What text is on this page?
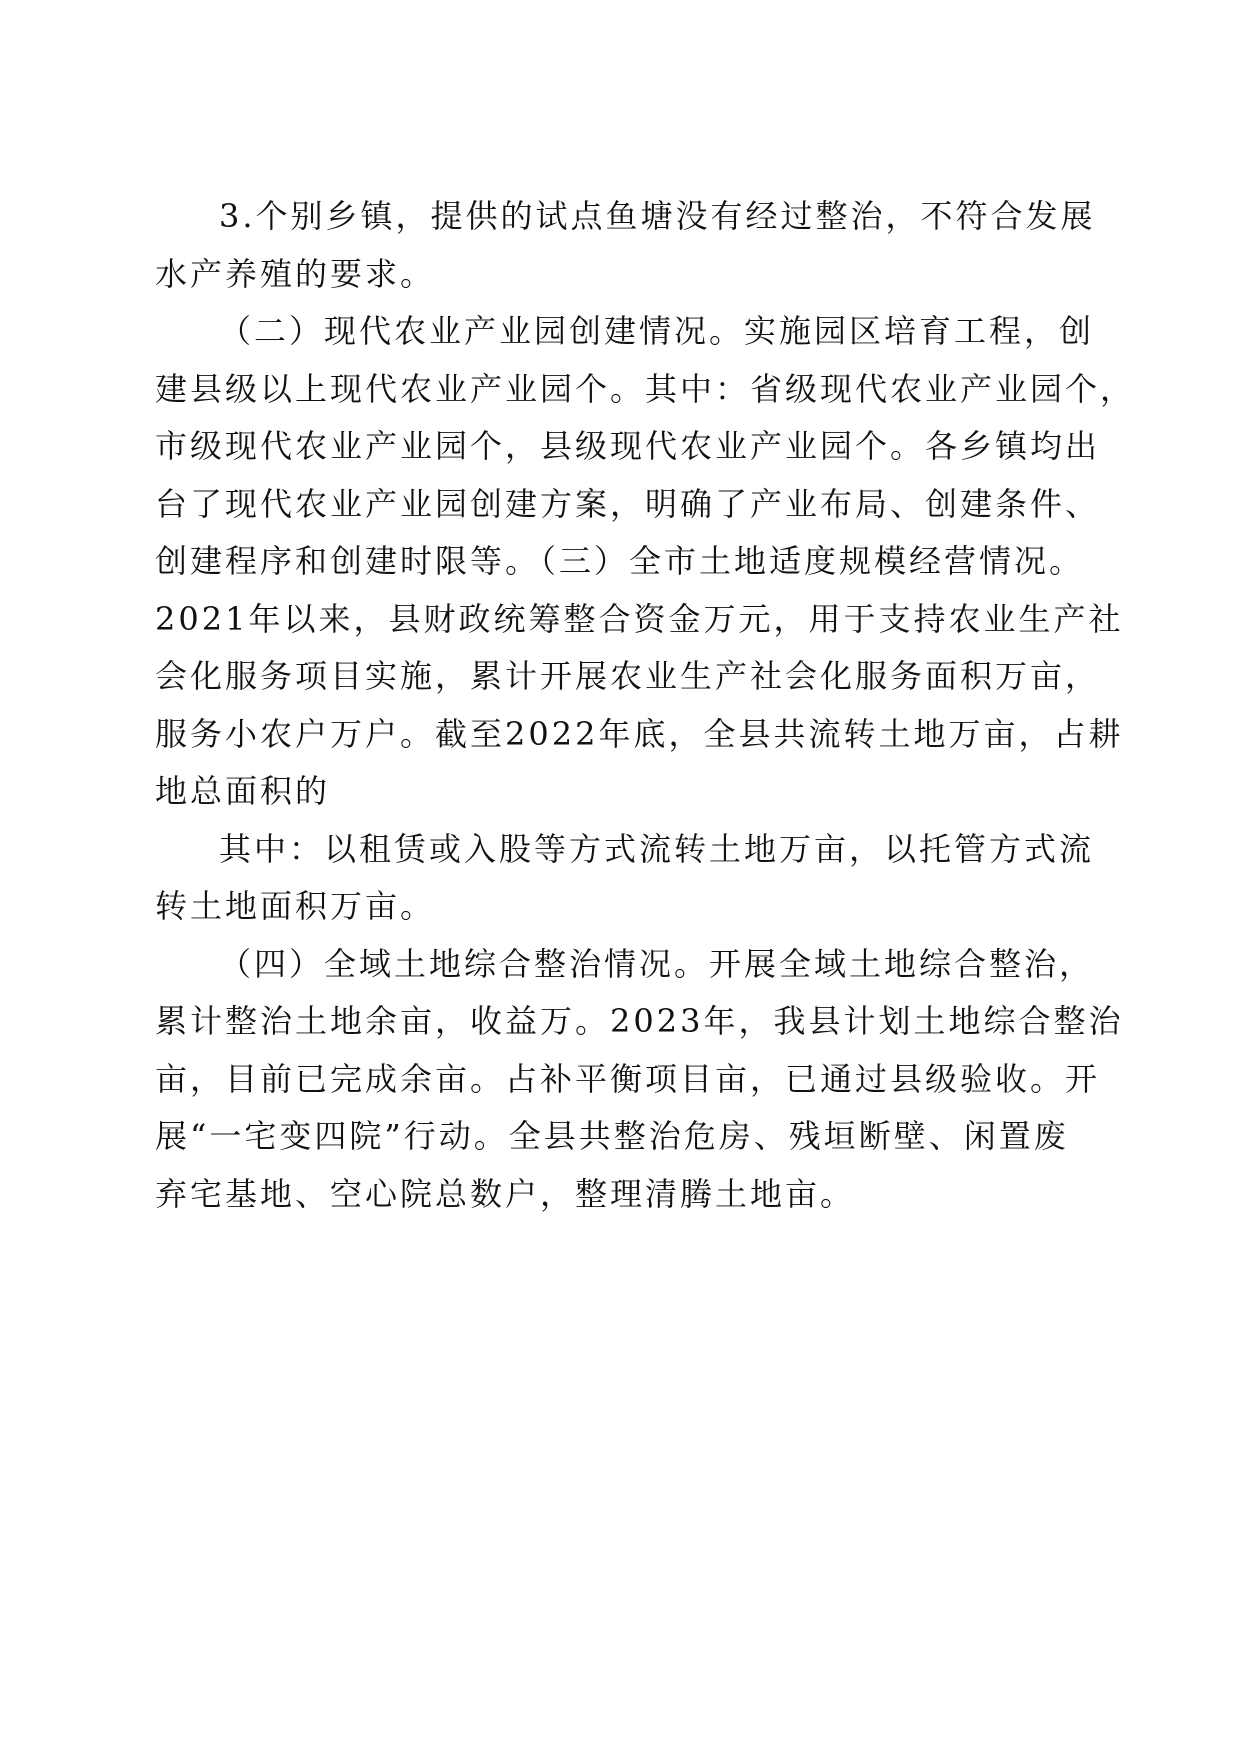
3.个别乡镇，提供的试点鱼塘没有经过整治，不符合发展
水产养殖的要求。
（二）现代农业产业园创建情况。实施园区培育工程，创
建县级以上现代农业产业园个。其中：省级现代农业产业园个，
市级现代农业产业园个，县级现代农业产业园个。各乡镇均出
台了现代农业产业园创建方案，明确了产业布局、创建条件、
创建程序和创建时限等。（三）全市土地适度规模经营情况。
2021年以来，县财政统筹整合资金万元，用于支持农业生产社
会化服务项目实施，累计开展农业生产社会化服务面积万亩，
服务小农户万户。截至2022年底，全县共流转土地万亩，占耕
地总面积的
其中：以租赁或入股等方式流转土地万亩，以托管方式流
转土地面积万亩。
（四）全域土地综合整治情况。开展全域土地综合整治，
累计整治土地余亩，收益万。2023年，我县计划土地综合整治
亩，目前已完成余亩。占补平衡项目亩，已通过县级验收。开
展“一宅变四院”行动。全县共整治危房、残垣断壁、闲置废
弃宅基地、空心院总数户，整理清腾土地亩。
